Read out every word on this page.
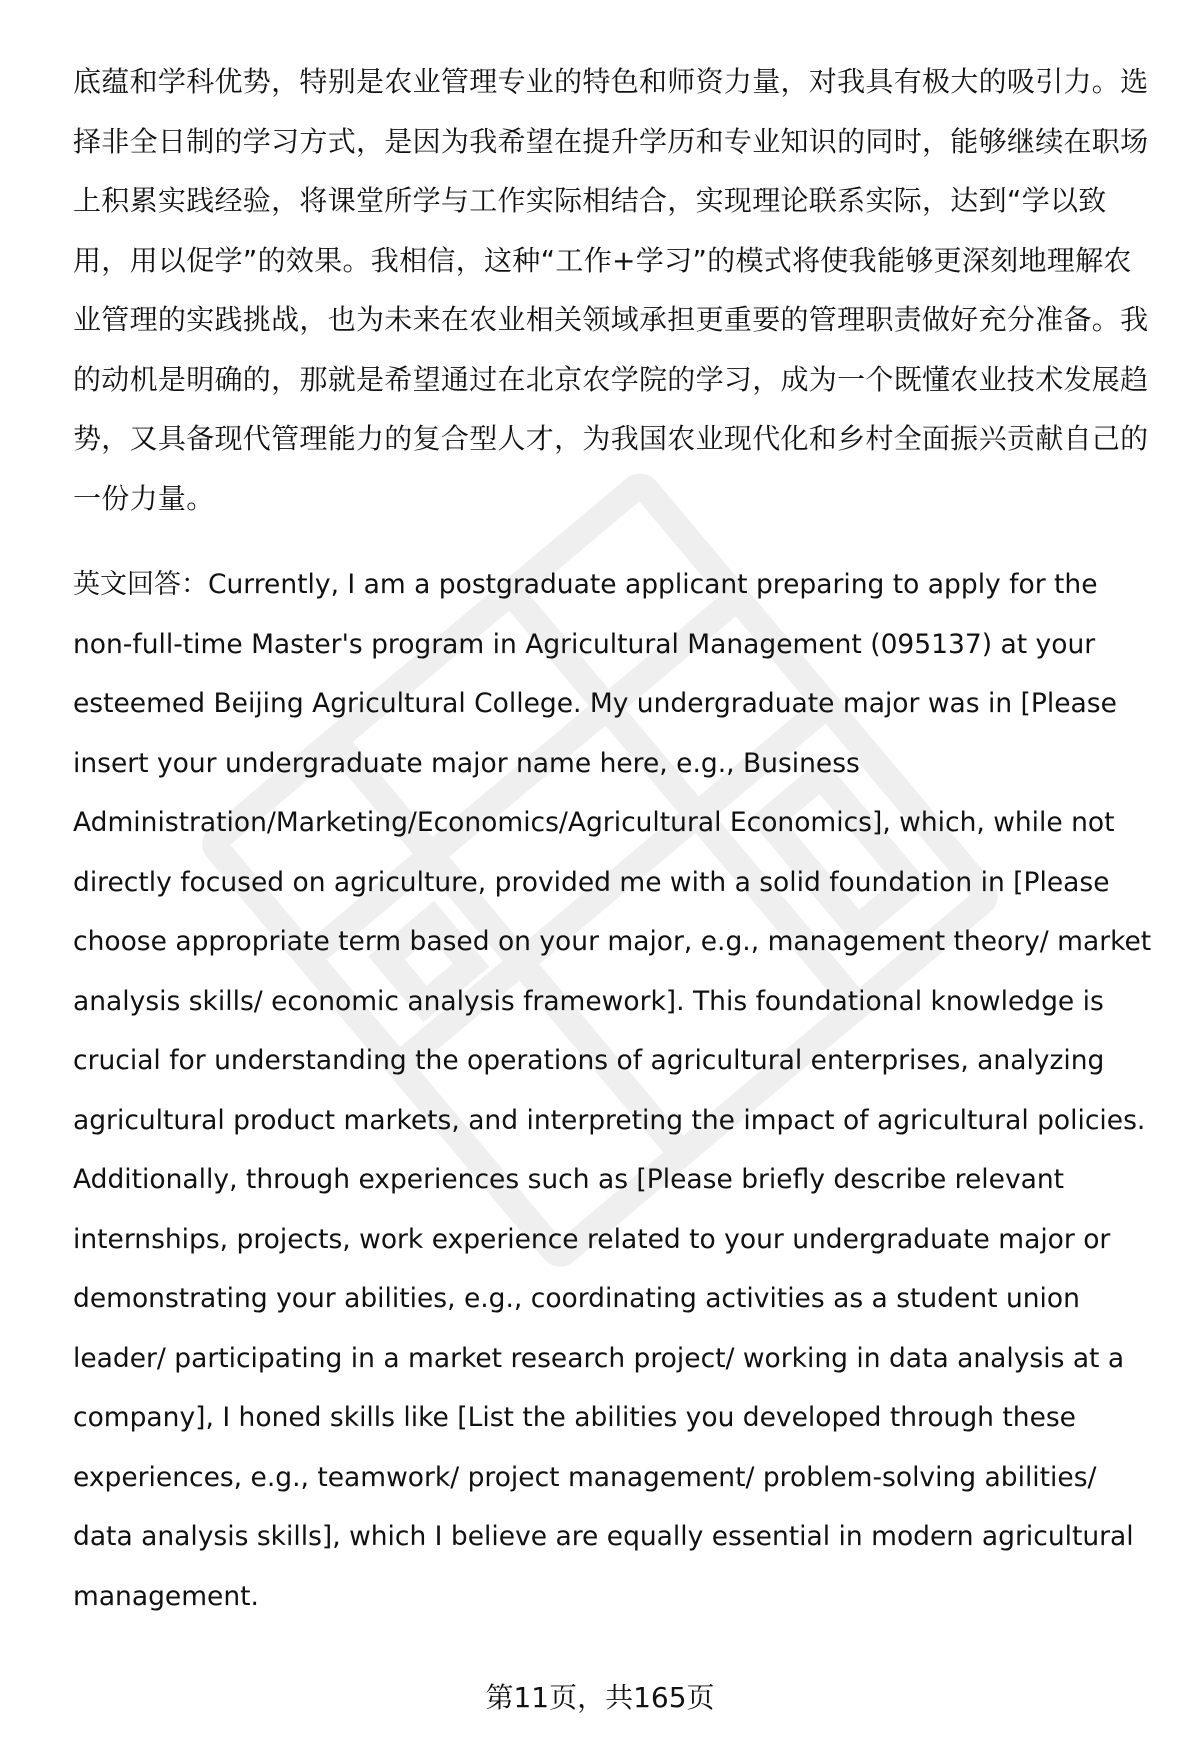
底蕴和学科优势，特别是农业管理专业的特色和师资力量，对我具有极大的吸引力。选择非全日制的学习方式，是因为我希望在提升学历和专业知识的同时，能够继续在职场上积累实践经验，将课堂所学与工作实际相结合，实现理论联系实际，达到“学以致用，用以促学”的效果。我相信，这种“工作+学习”的模式将使我能够更深刻地理解农业管理的实践挑战，也为未来在农业相关领域承担更重要的管理职责做好充分准备。我的动机是明确的，那就是希望通过在北京农学院的学习，成为一个既懂农业技术发展趋势，又具备现代管理能力的复合型人才，为我国农业现代化和乡村全面振兴贡献自己的一份力量。

英文回答：Currently, I am a postgraduate applicant preparing to apply for the non-full-time Master's program in Agricultural Management (095137) at your esteemed Beijing Agricultural College. My undergraduate major was in [Please insert your undergraduate major name here, e.g., Business Administration/Marketing/Economics/Agricultural Economics], which, while not directly focused on agriculture, provided me with a solid foundation in [Please choose appropriate term based on your major, e.g., management theory/ market analysis skills/ economic analysis framework]. This foundational knowledge is crucial for understanding the operations of agricultural enterprises, analyzing agricultural product markets, and interpreting the impact of agricultural policies. Additionally, through experiences such as [Please briefly describe relevant internships, projects, work experience related to your undergraduate major or demonstrating your abilities, e.g., coordinating activities as a student union leader/ participating in a market research project/ working in data analysis at a company], I honed skills like [List the abilities you developed through these experiences, e.g., teamwork/ project management/ problem-solving abilities/ data analysis skills], which I believe are equally essential in modern agricultural management.

第11页，共165页
